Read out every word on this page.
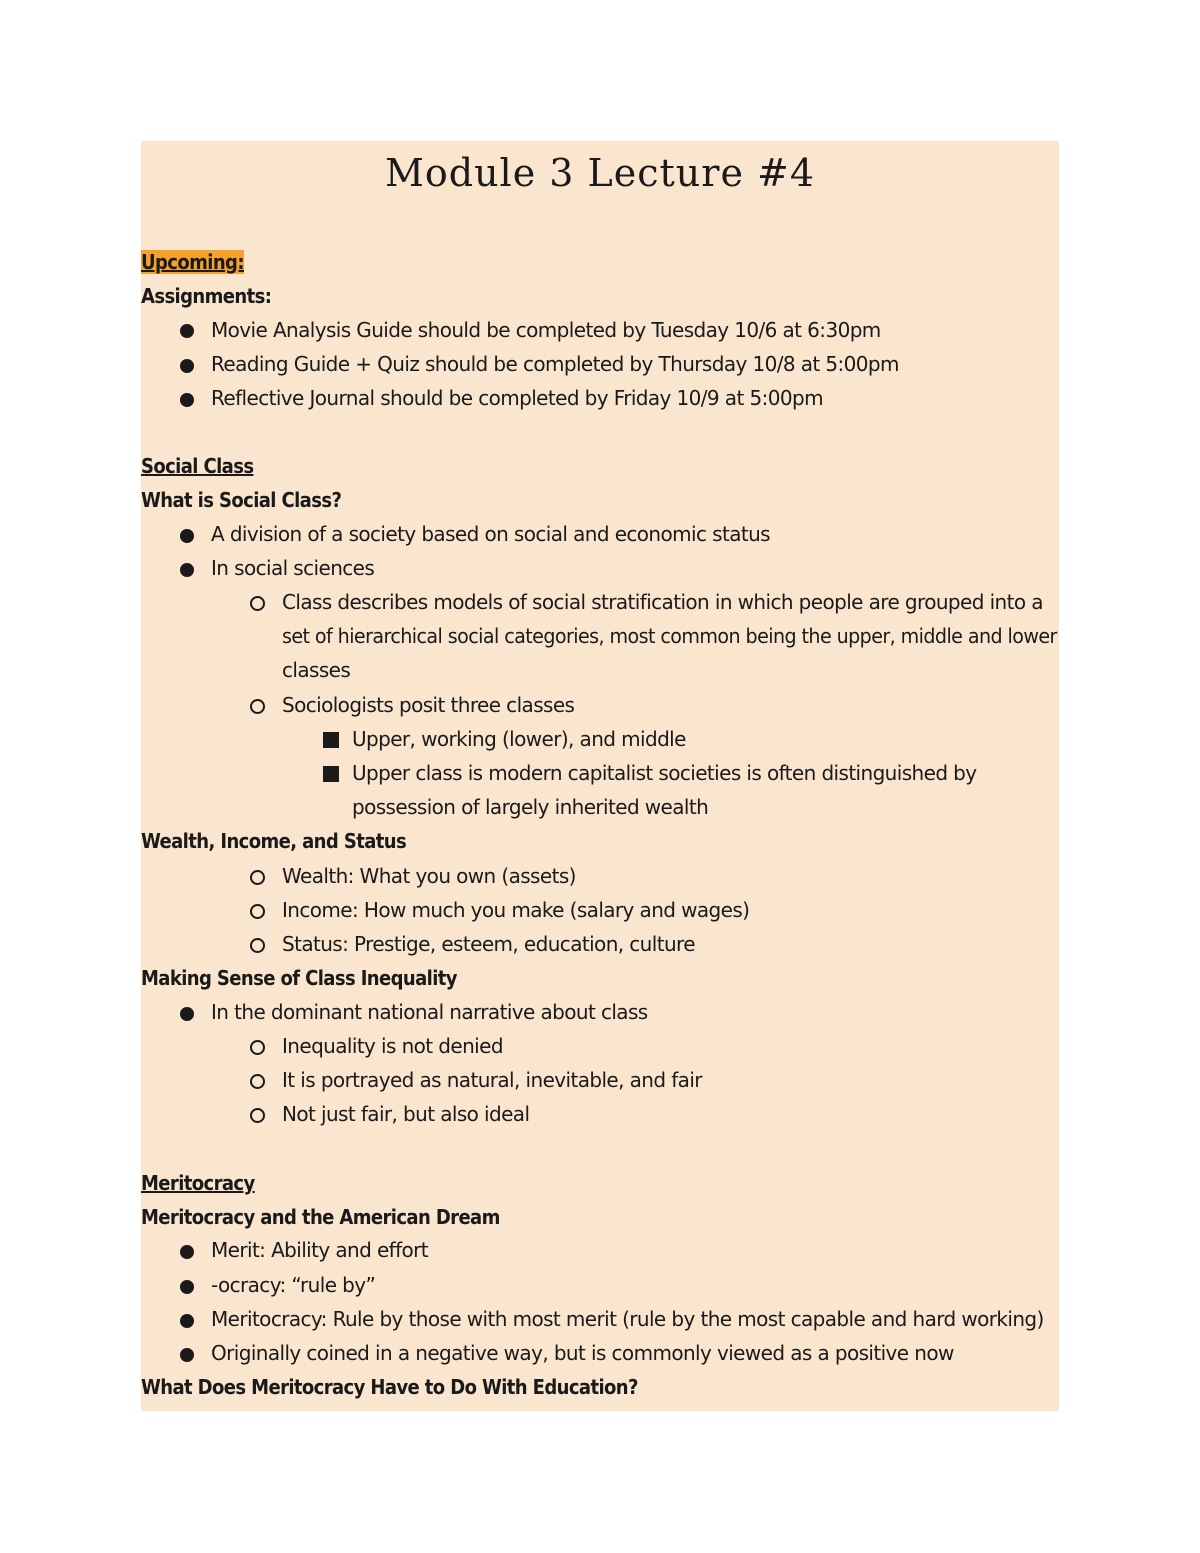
Module 3 Lecture #4
Upcoming:
Assignments:
Movie Analysis Guide should be completed by Tuesday 10/6 at 6:30pm
Reading Guide + Quiz should be completed by Thursday 10/8 at 5:00pm
Reflective Journal should be completed by Friday 10/9 at 5:00pm
Social Class
What is Social Class?
A division of a society based on social and economic status
In social sciences
Class describes models of social stratification in which people are grouped into a
set of hierarchical social categories, most common being the upper, middle and lower
classes
Sociologists posit three classes
Upper, working (lower), and middle
Upper class is modern capitalist societies is often distinguished by
possession of largely inherited wealth
Wealth, Income, and Status
Wealth: What you own (assets)
Income: How much you make (salary and wages)
Status: Prestige, esteem, education, culture
Making Sense of Class Inequality
In the dominant national narrative about class
Inequality is not denied
It is portrayed as natural, inevitable, and fair
Not just fair, but also ideal
Meritocracy
Meritocracy and the American Dream
Merit: Ability and effort
-ocracy: “rule by”
Meritocracy: Rule by those with most merit (rule by the most capable and hard working)
Originally coined in a negative way, but is commonly viewed as a positive now
What Does Meritocracy Have to Do With Education?
